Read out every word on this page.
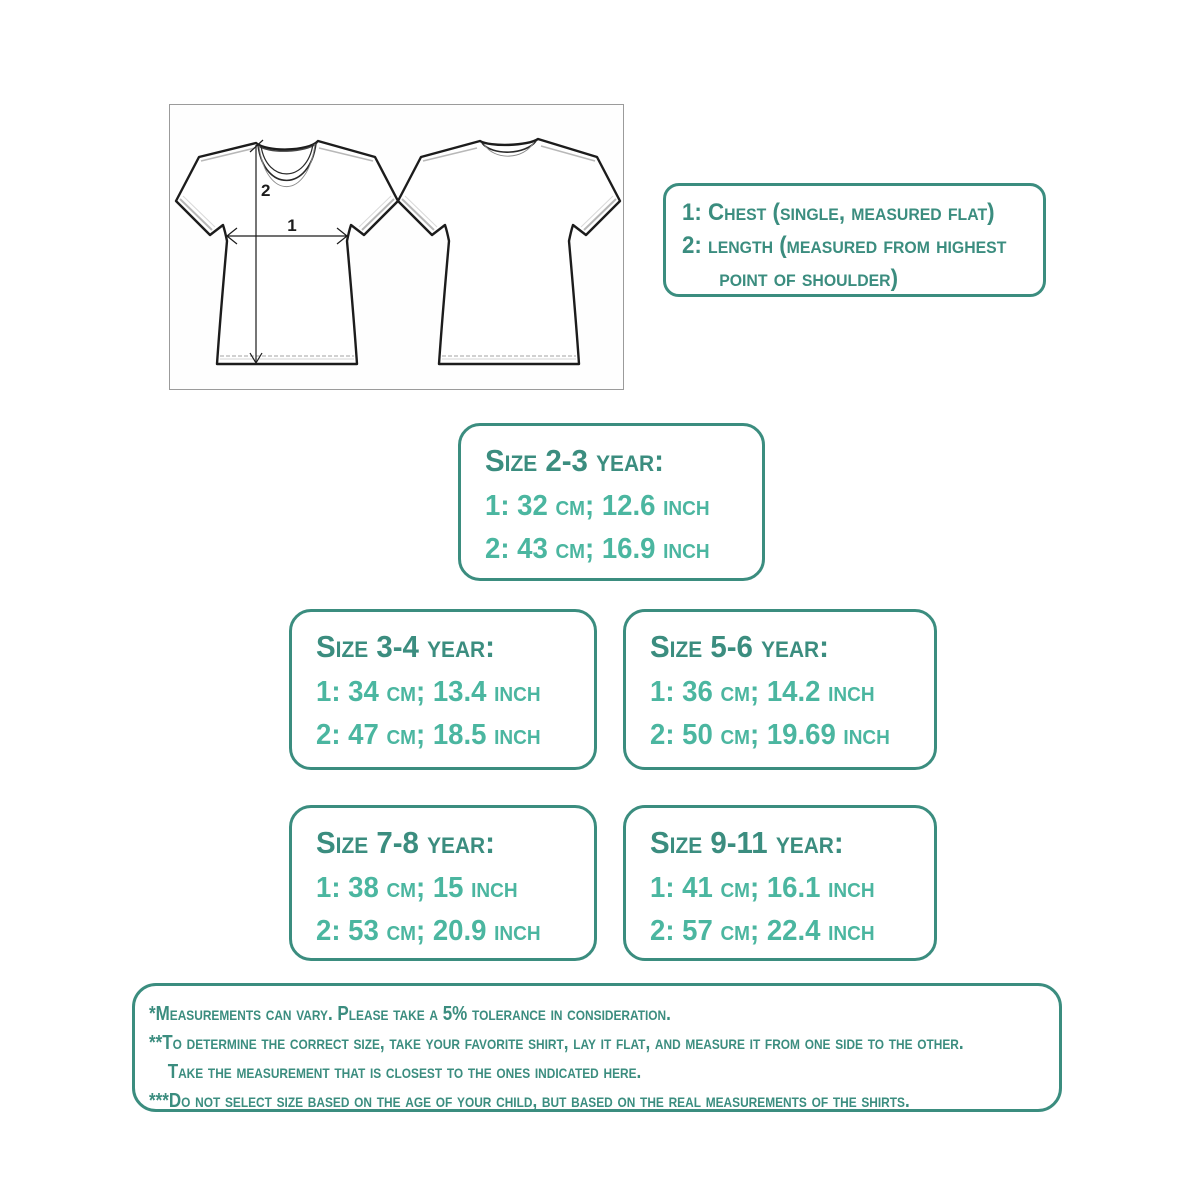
2
1	1: Chest (single, measured flat)
2: length (measured from highest
point of shoulder)
Size 2-3 year:
1: 32 cm; 12.6 inch
2: 43 cm; 16.9 inch
Size 3-4 year:
1: 34 cm; 13.4 inch
2: 47 cm; 18.5 inch
Size 5-6 year:
1: 36 cm; 14.2 inch
2: 50 cm; 19.69 inch
Size 7-8 year:
1: 38 cm; 15 inch
2: 53 cm; 20.9 inch
Size 9-11 year:
1: 41 cm; 16.1 inch
2: 57 cm; 22.4 inch
*Measurements can vary. Please take a 5% tolerance in consideration.
**To determine the correct size, take your favorite shirt, lay it flat, and measure it from one side to the other.
Take the measurement that is closest to the ones indicated here.
***Do not select size based on the age of your child, but based on the real measurements of the shirts.
